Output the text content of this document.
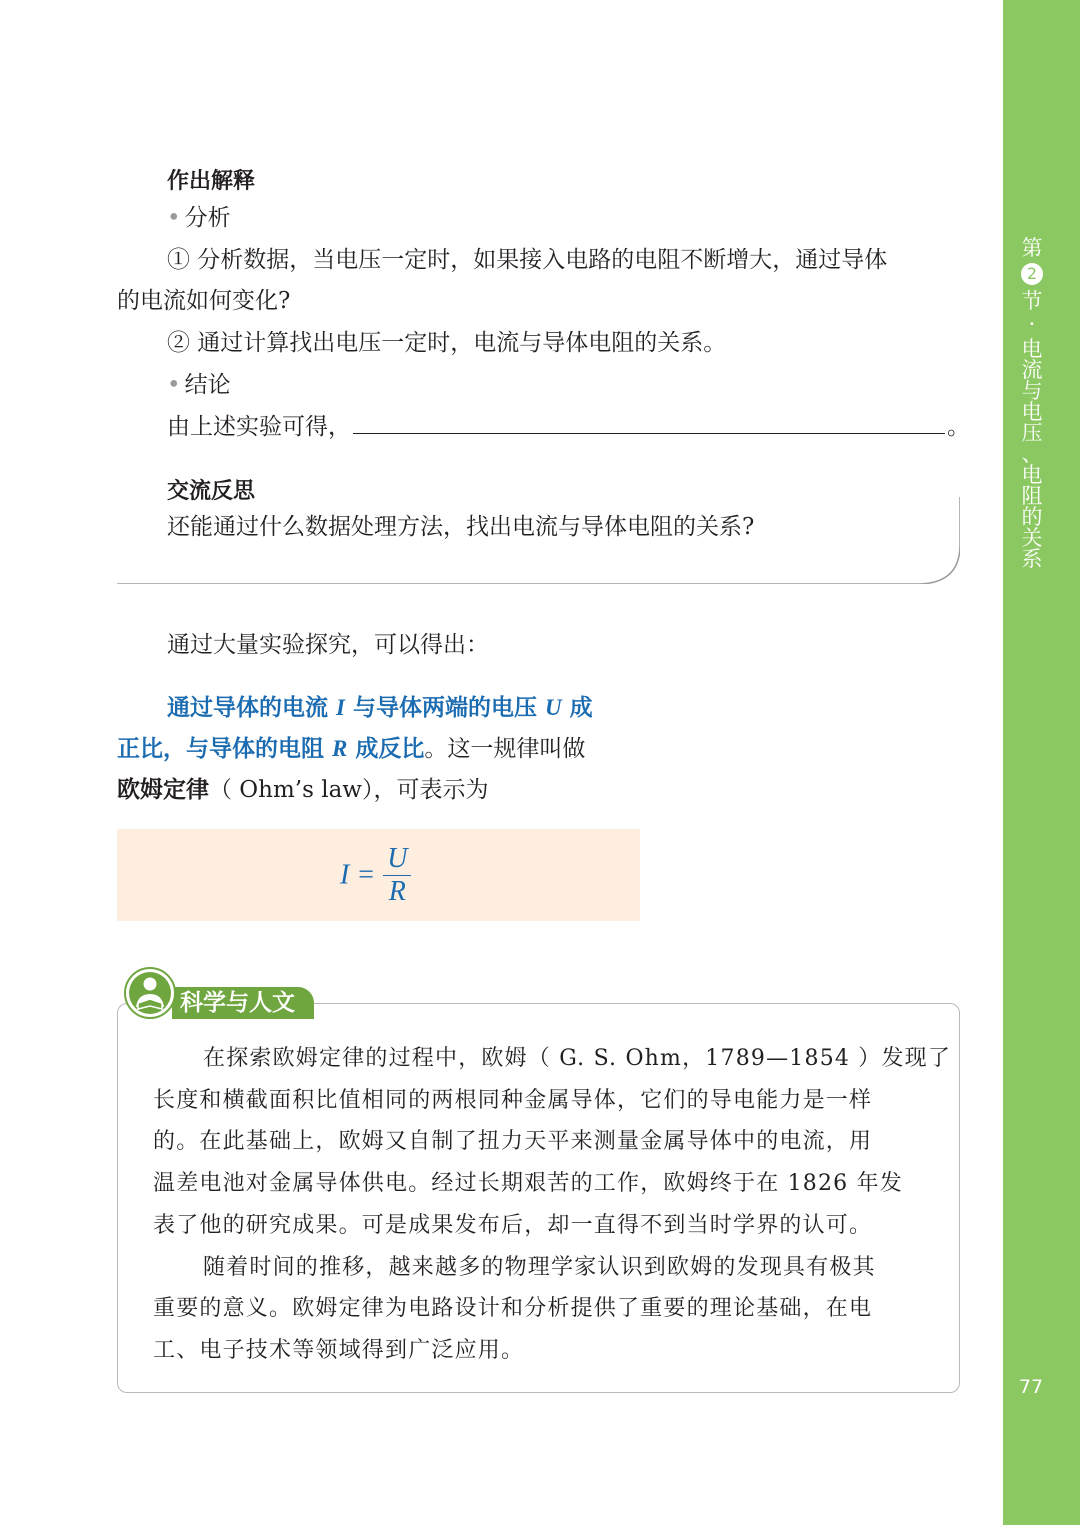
第
2
节
·
电
流
与
电
压
、
电
阻
的
关
系
77
作出解释
• 分析
① 分析数据，当电压一定时，如果接入电路的电阻不断增大，通过导体
的电流如何变化?
② 通过计算找出电压一定时，电流与导体电阻的关系。
• 结论
由上述实验可得，	。
交流反思
还能通过什么数据处理方法，找出电流与导体电阻的关系?
通过大量实验探究，可以得出：
通过导体的电流 I 与导体两端的电压 U 成
正比，与导体的电阻 R 成反比。这一规律叫做
欧姆定律（ Ohm’s law），可表示为
$I = \frac{U}{R}$
科学与人文
在探索欧姆定律的过程中，欧姆（ G. S. Ohm，1789—1854 ）发现了
长度和横截面积比值相同的两根同种金属导体，它们的导电能力是一样
的。在此基础上，欧姆又自制了扭力天平来测量金属导体中的电流，用
温差电池对金属导体供电。经过长期艰苦的工作，欧姆终于在 1826 年发
表了他的研究成果。可是成果发布后，却一直得不到当时学界的认可。
随着时间的推移，越来越多的物理学家认识到欧姆的发现具有极其
重要的意义。欧姆定律为电路设计和分析提供了重要的理论基础，在电
工、电子技术等领域得到广泛应用。
